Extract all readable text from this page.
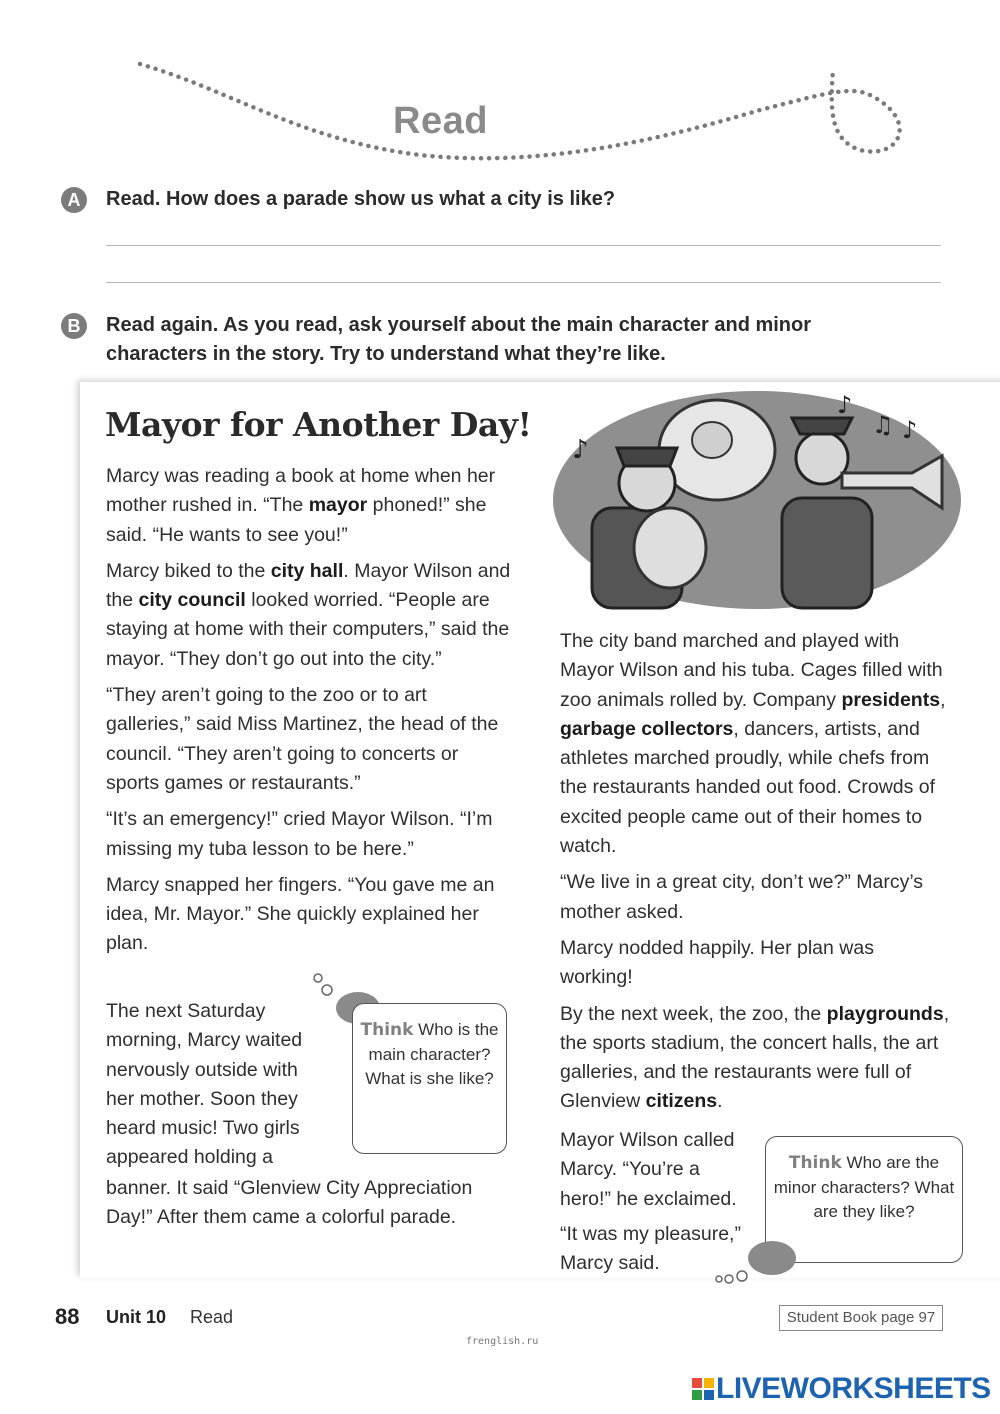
Read
A	Read. How does a parade show us what a city is like?
B	Read again. As you read, ask yourself about the main character and minor
characters in the story. Try to understand what they’re like.
Mayor for Another Day!
♪
♪
♫ ♪

Marcy was reading a book at home when her mother rushed in. “The mayor phoned!” she said. “He wants to see you!”

Marcy biked to the city hall. Mayor Wilson and the city council looked worried. “People are staying at home with their computers,” said the mayor. “They don’t go out into the city.”

“They aren’t going to the zoo or to art galleries,” said Miss Martinez, the head of the council. “They aren’t going to concerts or sports games or restaurants.”

“It’s an emergency!” cried Mayor Wilson. “I’m missing my tuba lesson to be here.”

Marcy snapped her fingers. “You gave me an idea, Mr. Mayor.” She quickly explained her plan.

The next Saturday morning, Marcy waited nervously outside with her mother. Soon they heard music! Two girls appeared holding a

banner. It said “Glenview City Appreciation Day!” After them came a colorful parade.

Think Who is the main character? What is she like?

The city band marched and played with Mayor Wilson and his tuba. Cages filled with zoo animals rolled by. Company presidents, garbage collectors, dancers, artists, and athletes marched proudly, while chefs from the restaurants handed out food. Crowds of excited people came out of their homes to watch.

“We live in a great city, don’t we?” Marcy’s mother asked.

Marcy nodded happily. Her plan was working!

By the next week, the zoo, the playgrounds, the sports stadium, the concert halls, the art galleries, and the restaurants were full of Glenview citizens.

Mayor Wilson called Marcy. “You’re a hero!” he exclaimed.

“It was my pleasure,” Marcy said.

Think Who are the minor characters? What are they like?
88 Unit 10 Read	Student Book page 97
frenglish.ru
LIVEWORKSHEETS
